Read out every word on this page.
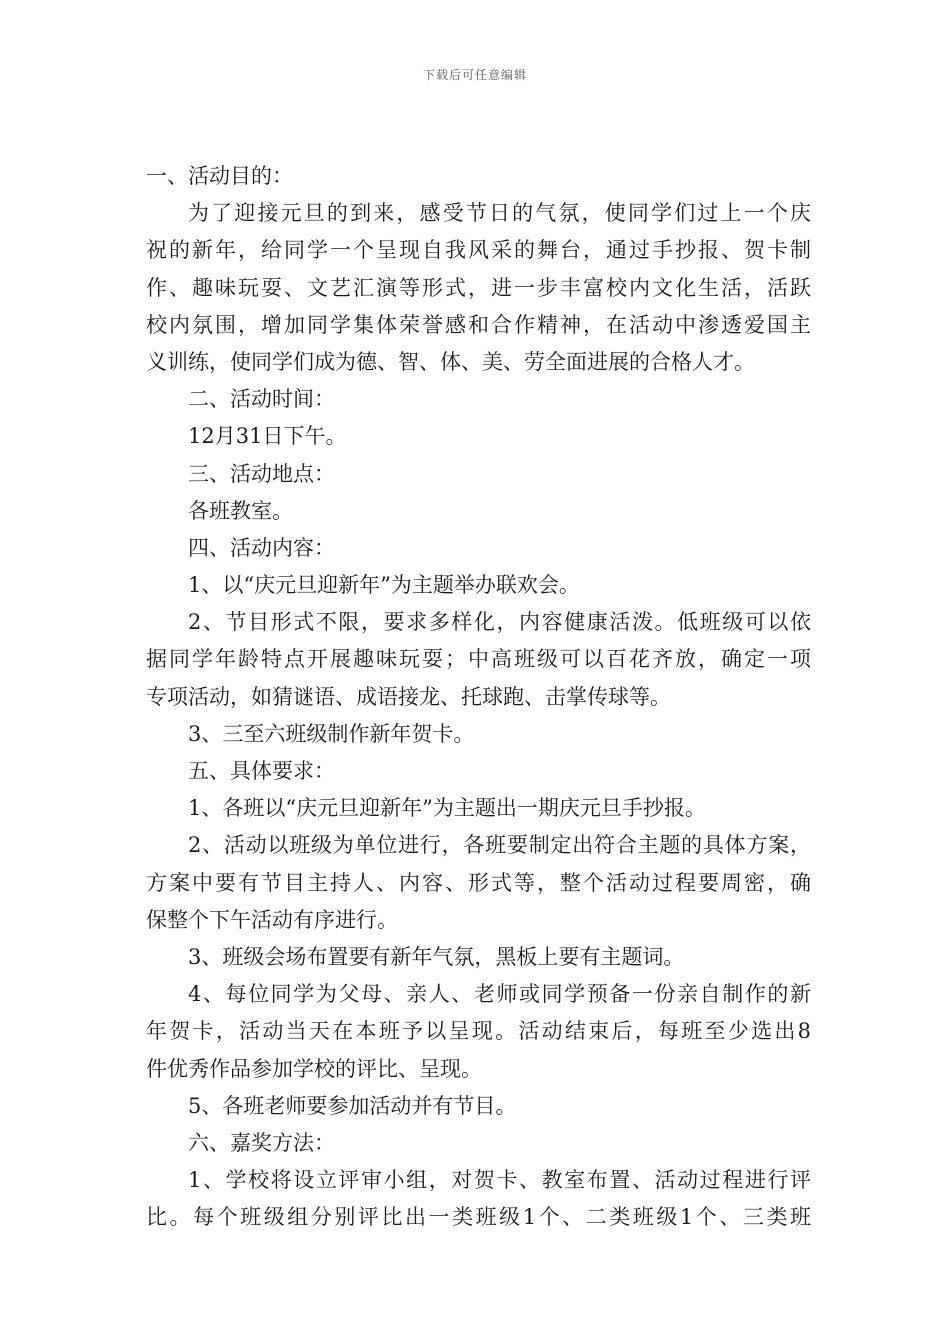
下载后可任意编辑
一、活动目的：
为了迎接元旦的到来，感受节日的气氛，使同学们过上一个庆
祝的新年，给同学一个呈现自我风采的舞台，通过手抄报、贺卡制
作、趣味玩耍、文艺汇演等形式，进一步丰富校内文化生活，活跃
校内氛围，增加同学集体荣誉感和合作精神，在活动中渗透爱国主
义训练，使同学们成为德、智、体、美、劳全面进展的合格人才。
二、活动时间：
12月31日下午。
三、活动地点：
各班教室。
四、活动内容：
1、以“庆元旦迎新年”为主题举办联欢会。
2、节目形式不限，要求多样化，内容健康活泼。低班级可以依
据同学年龄特点开展趣味玩耍；中高班级可以百花齐放，确定一项
专项活动，如猜谜语、成语接龙、托球跑、击掌传球等。
3、三至六班级制作新年贺卡。
五、具体要求：
1、各班以“庆元旦迎新年”为主题出一期庆元旦手抄报。
2、活动以班级为单位进行，各班要制定出符合主题的具体方案，
方案中要有节目主持人、内容、形式等，整个活动过程要周密，确
保整个下午活动有序进行。
3、班级会场布置要有新年气氛，黑板上要有主题词。
4、每位同学为父母、亲人、老师或同学预备一份亲自制作的新
年贺卡，活动当天在本班予以呈现。活动结束后，每班至少选出8
件优秀作品参加学校的评比、呈现。
5、各班老师要参加活动并有节目。
六、嘉奖方法：
1、学校将设立评审小组，对贺卡、教室布置、活动过程进行评
比。每个班级组分别评比出一类班级1个、二类班级1个、三类班
